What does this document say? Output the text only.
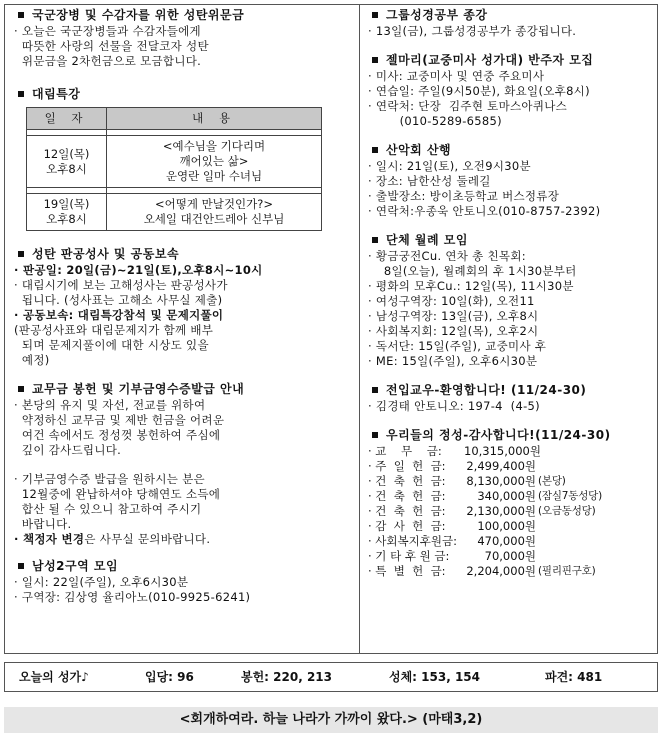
국군장병 및 수감자를 위한 성탄위문금
· 오늘은 국군장병들과 수감자들에게
따뜻한 사랑의 선물을 전달코자 성탄
위문금을 2차헌금으로 모금합니다.
대림특강
일 자	내 용

12일(목)
오후8시	<예수님을 기다리며
깨어있는 삶>
운영란 일마 수녀님

19일(목)
오후8시	<어떻게 만날것인가?>
오세일 대건안드레아 신부님
성탄 판공성사 및 공동보속
· 판공일: 20일(금)~21일(토),오후8시~10시
· 대림시기에 보는 고해성사는 판공성사가
됩니다. (성사표는 고해소 사무실 제출)
· 공동보속: 대림특강참석 및 문제지풀이
(판공성사표와 대림문제지가 함께 배부
되며 문제지풀이에 대한 시상도 있을
예정)
교무금 봉헌 및 기부금영수증발급 안내
· 본당의 유지 및 자선, 전교를 위하여
약정하신 교무금 및 제반 헌금을 어려운
여건 속에서도 정성껏 봉헌하여 주심에
깊이 감사드립니다.
· 기부금영수증 발급을 원하시는 분은
12월중에 완납하셔야 당해연도 소득에
합산 될 수 있으니 참고하여 주시기
바랍니다.
· 책정자 변경은 사무실 문의바랍니다.
남성2구역 모임
· 일시: 22일(주일), 오후6시30분
· 구역장: 김상영 율리아노(010-9925-6241)
그룹성경공부 종강
· 13일(금), 그룹성경공부가 종강됩니다.
젤마리(교중미사 성가대) 반주자 모집
· 미사: 교중미사 및 연중 주요미사
· 연습일: 주일(9시50분), 화요일(오후8시)
· 연락처: 단장  김주현 토마스아퀴나스
(010-5289-6585)
산악회 산행
· 일시: 21일(토), 오전9시30분
· 장소: 남한산성 둘레길
· 출발장소: 방이초등학교 버스정류장
· 연락처:우종욱 안토니오(010-8757-2392)
단체 월례 모임
· 황금궁전Cu. 연차 총 친목회:
8일(오늘), 월례회의 후 1시30분부터
· 평화의 모후Cu.: 12일(목), 11시30분
· 여성구역장: 10일(화), 오전11
· 남성구역장: 13일(금), 오후8시
· 사회복지회: 12일(목), 오후2시
· 독서단: 15일(주일), 교중미사 후
· ME: 15일(주일), 오후6시30분
전입교우-환영합니다! (11/24-30)
· 김경태 안토니오: 197-4  (4-5)
우리들의 정성-감사합니다!(11/24-30)
· 교    무    금:	10,315,000원
· 주  일  헌  금:	2,499,400원
· 건  축  헌  금:	8,130,000원 (본당)
· 건  축  헌  금:	340,000원 (잠실7동성당)
· 건  축  헌  금:	2,130,000원 (오금동성당)
· 감  사  헌  금:	100,000원
· 사회복지후원금:	470,000원
· 기 타 후 원 금:	70,000원
· 특  별  헌  금:	2,204,000원 (필리핀구호)
오늘의 성가♪	입당: 96	봉헌: 220, 213	성체: 153, 154	파견: 481
<회개하여라. 하늘 나라가 가까이 왔다.> (마태3,2)
